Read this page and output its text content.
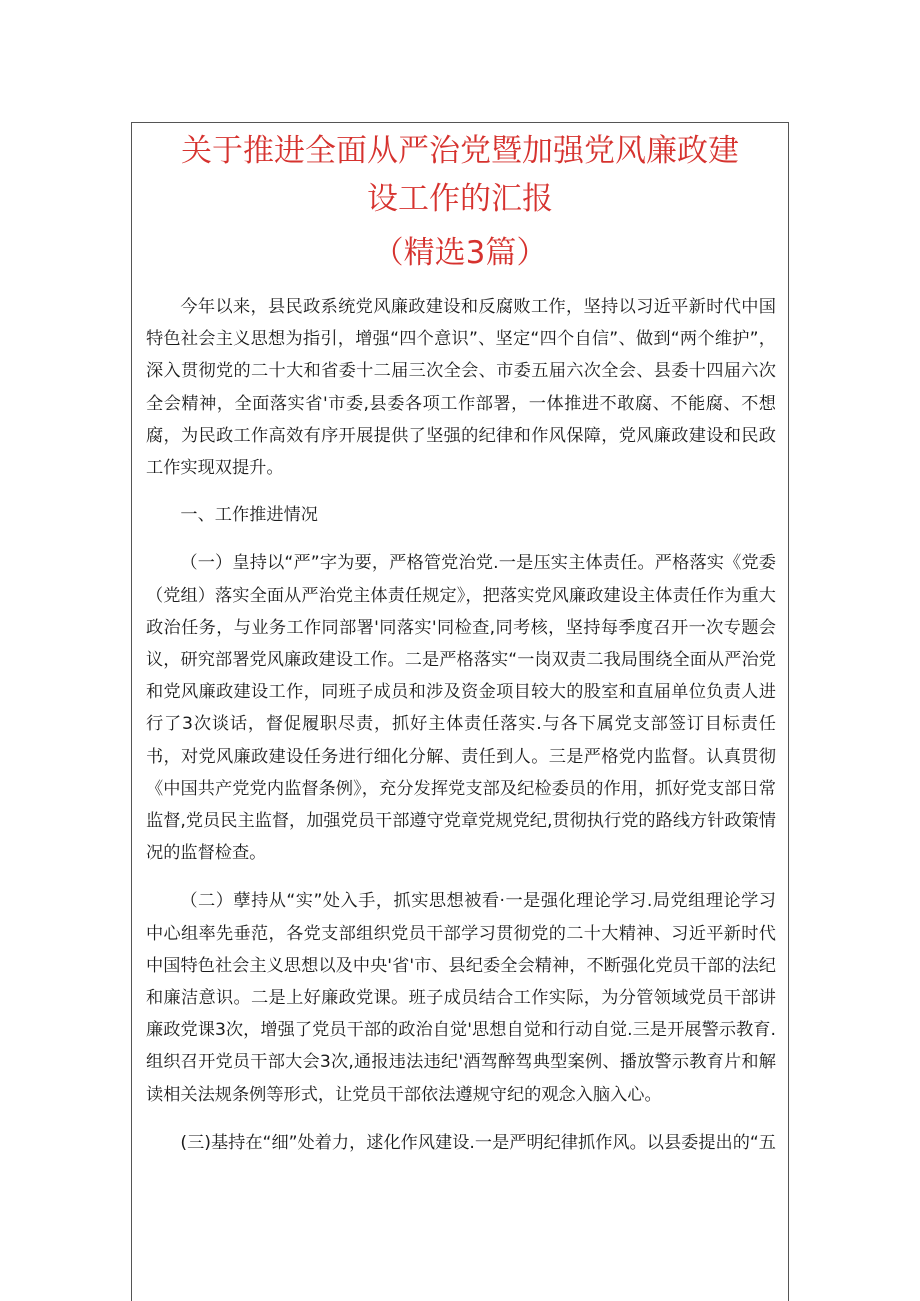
关于推进全面从严治党暨加强党风廉政建
设工作的汇报
（精选3篇）

今年以来，县民政系统党风廉政建设和反腐败工作，坚持以习近平新时代中国特色社会主义思想为指引，增强“四个意识”、坚定“四个自信”、做到“两个维护”，深入贯彻党的二十大和省委十二届三次全会、市委五届六次全会、县委十四届六次全会精神，全面落实省'市委,县委各项工作部署，一体推进不敢腐、不能腐、不想腐，为民政工作高效有序开展提供了坚强的纪律和作风保障，党风廉政建设和民政工作实现双提升。

一、工作推进情况

（一）皇持以“严”字为要，严格管党治党.一是压实主体责任。严格落实《党委（党组）落实全面从严治党主体责任规定》，把落实党风廉政建设主体责任作为重大政治任务，与业务工作同部署'同落实'同检查,同考核，坚持每季度召开一次专题会议，研究部署党风廉政建设工作。二是严格落实“一岗双责二我局围绕全面从严治党和党风廉政建设工作，同班子成员和涉及资金项目较大的股室和直届单位负责人进行了3次谈话，督促履职尽责，抓好主体责任落实.与各下属党支部签订目标责任书，对党风廉政建设任务进行细化分解、责任到人。三是严格党内监督。认真贯彻《中国共产党党内监督条例》，充分发挥党支部及纪检委员的作用，抓好党支部日常监督,党员民主监督，加强党员干部遵守党章党规党纪,贯彻执行党的路线方针政策情况的监督检查。

（二）孽持从“实”处入手，抓实思想被看·一是强化理论学习.局党组理论学习中心组率先垂范，各党支部组织党员干部学习贯彻党的二十大精神、习近平新时代中国特色社会主义思想以及中央'省'市、县纪委全会精神，不断强化党员干部的法纪和廉洁意识。二是上好廉政党课。班子成员结合工作实际，为分管领域党员干部讲廉政党课3次，增强了党员干部的政治自觉'思想自觉和行动自觉.三是开展警示教育.组织召开党员干部大会3次,通报违法违纪'酒驾醉驾典型案例、播放警示教育片和解读相关法规条例等形式，让党员干部依法遵规守纪的观念入脑入心。

(三)基持在“细”处着力，逑化作风建设.一是严明纪律抓作风。以县委提出的“五
